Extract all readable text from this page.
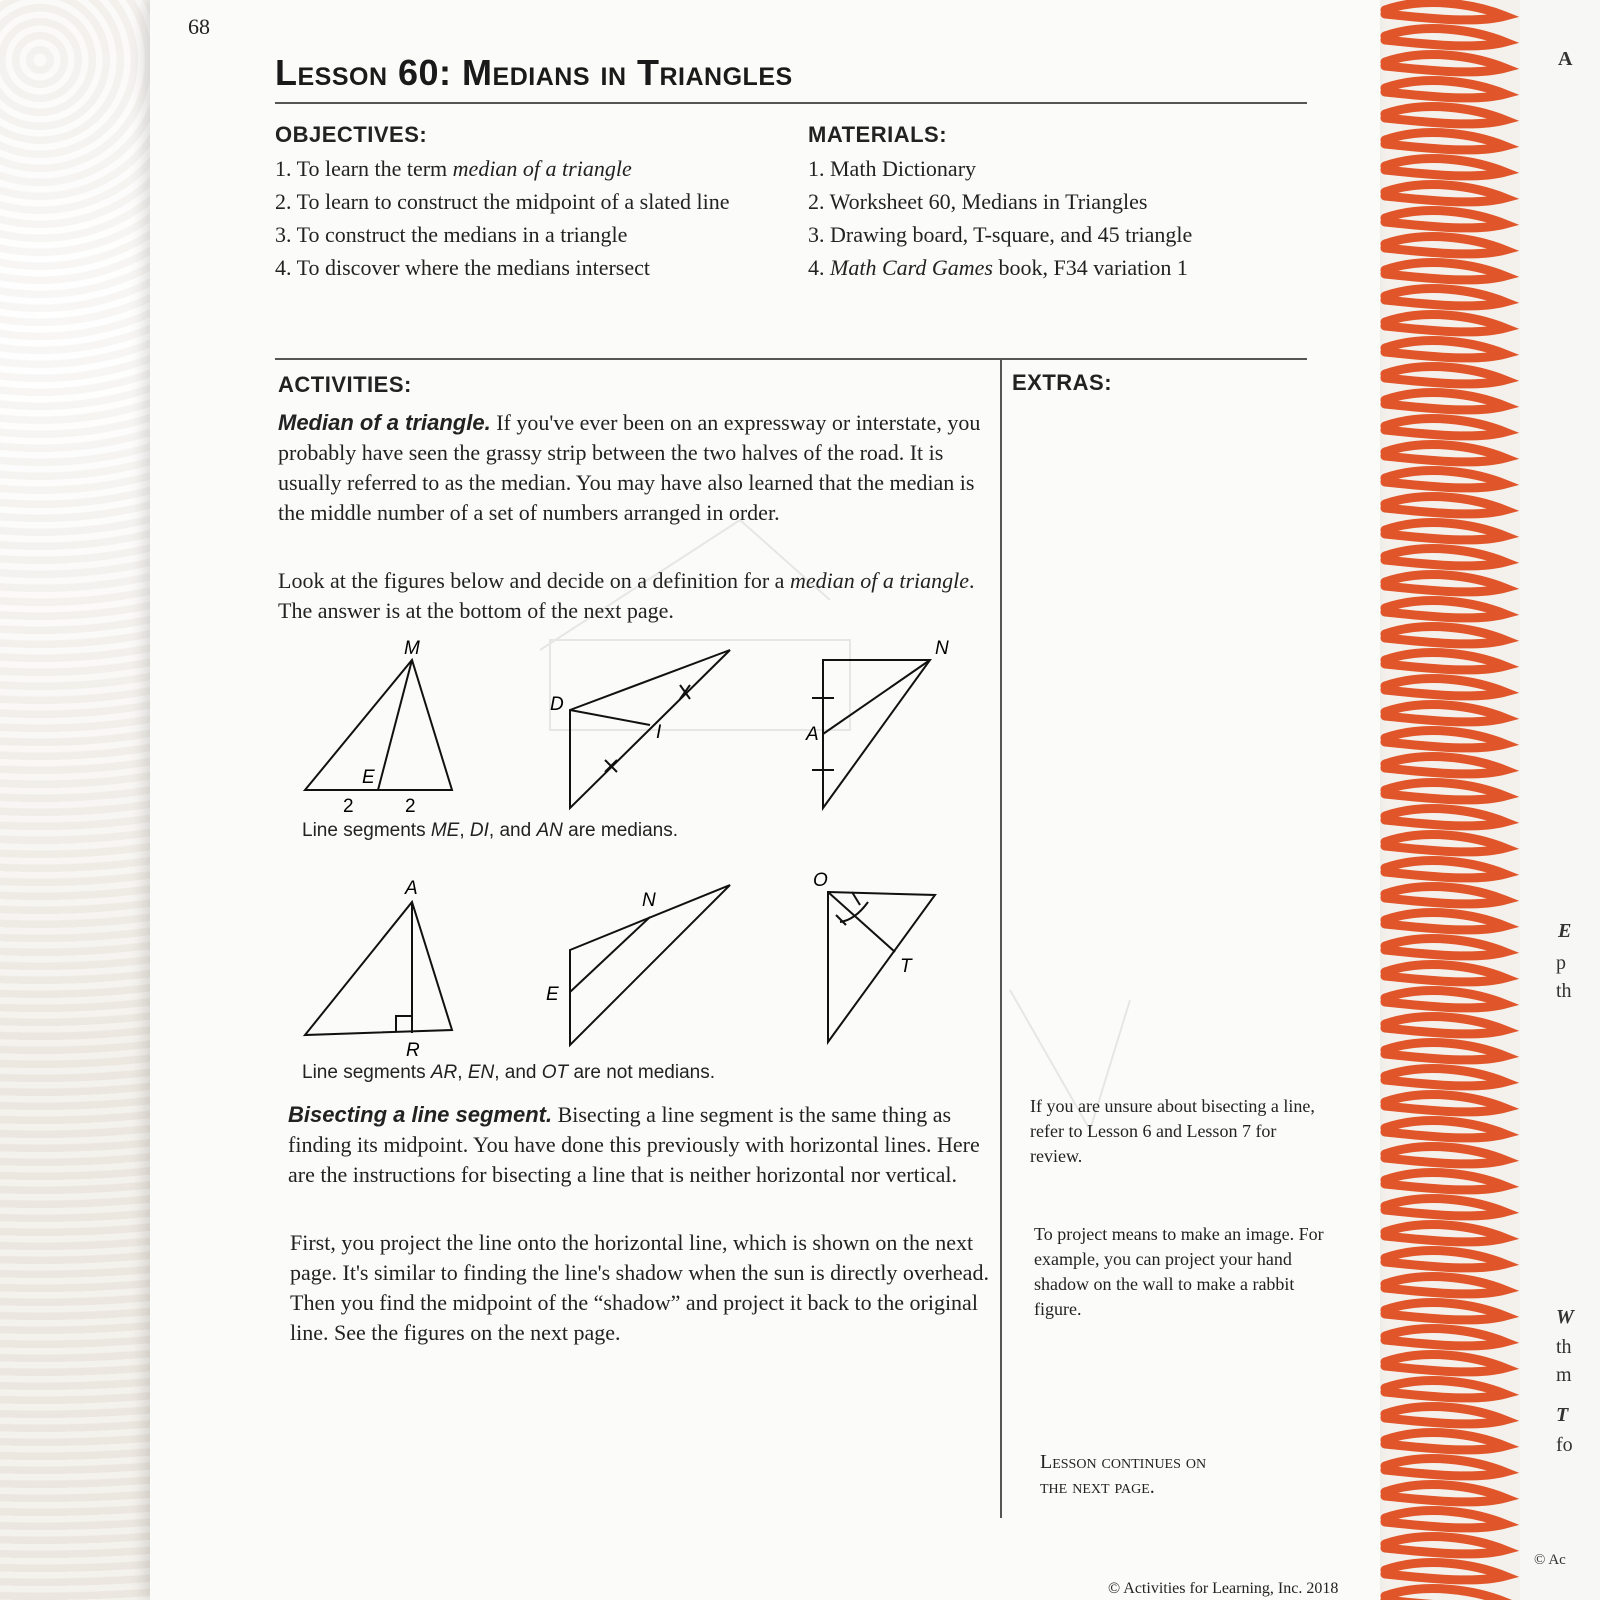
68
Lesson 60: Medians in Triangles
OBJECTIVES:
1. To learn the term median of a triangle
2. To learn to construct the midpoint of a slated line
3. To construct the medians in a triangle
4. To discover where the medians intersect
MATERIALS:
1. Math Dictionary
2. Worksheet 60, Medians in Triangles
3. Drawing board, T-square, and 45 triangle
4. Math Card Games book, F34 variation 1
ACTIVITIES:	EXTRAS:
Median of a triangle. If you've ever been on an expressway or interstate, you probably have seen the grassy strip between the two halves of the road. It is usually referred to as the median. You may have also learned that the median is the middle number of a set of numbers arranged in order.
Look at the figures below and decide on a definition for a median of a triangle. The answer is at the bottom of the next page.
M
E
2	2
D
I
N
A
Line segments ME, DI, and AN are medians.
A
R
N
E
O
T
Line segments AR, EN, and OT are not medians.
Bisecting a line segment. Bisecting a line segment is the same thing as finding its midpoint. You have done this previously with horizontal lines. Here are the instructions for bisecting a line that is neither horizontal nor vertical.
First, you project the line onto the horizontal line, which is shown on the next page. It's similar to finding the line's shadow when the sun is directly overhead. Then you find the midpoint of the “shadow” and project it back to the original line. See the figures on the next page.
If you are unsure about bisecting a line, refer to Lesson 6 and Lesson 7 for review.
To project means to make an image. For example, you can project your hand shadow on the wall to make a rabbit figure.
Lesson continues on
the next page.
© Activities for Learning, Inc. 2018
A
E
p
th
W
th
m
T
fo
© Ac
